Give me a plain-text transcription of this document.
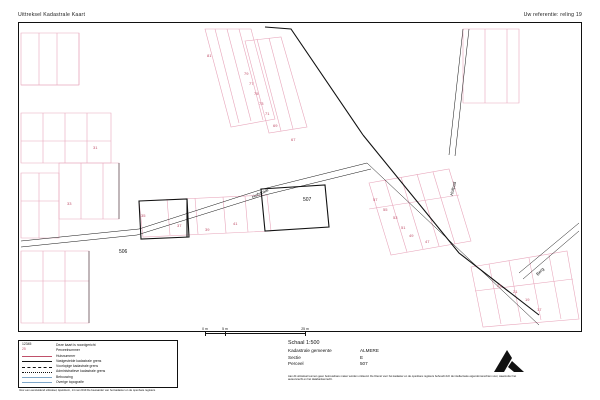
Uittreksel Kadastrale Kaart	Uw referentie: reling 19
Hofstraat	Hofpad
Berg
507
506
81
79
77
75
73
71
69
67
31
33
35
37
39
41
57
55
53
51
49
47
23
21
19
17
0 m	5 m	25 m
12345	Deze kaart is noordgericht
25	Perceelnummer
Huisnummer
Vastgestelde kadastrale grens
Voorlopige kadastrale grens
Administratieve kadastrale grens
Bebouwing
Overige topografie
Voor een eensluidend uittreksel, Apeldoorn, 14 mei 2019 De bewaarder van het kadaster en de openbare registers
Schaal 1:500
Kadastrale gemeente	ALMERE
Sectie	E
Perceel	507
Aan dit uittreksel kunnen geen betrouwbare maten worden ontleend. De Dienst voor het kadaster en de openbare registers behoudt zich de intellectuele eigendomsrechten voor, waaronder het auteursrecht en het databankenrecht.
